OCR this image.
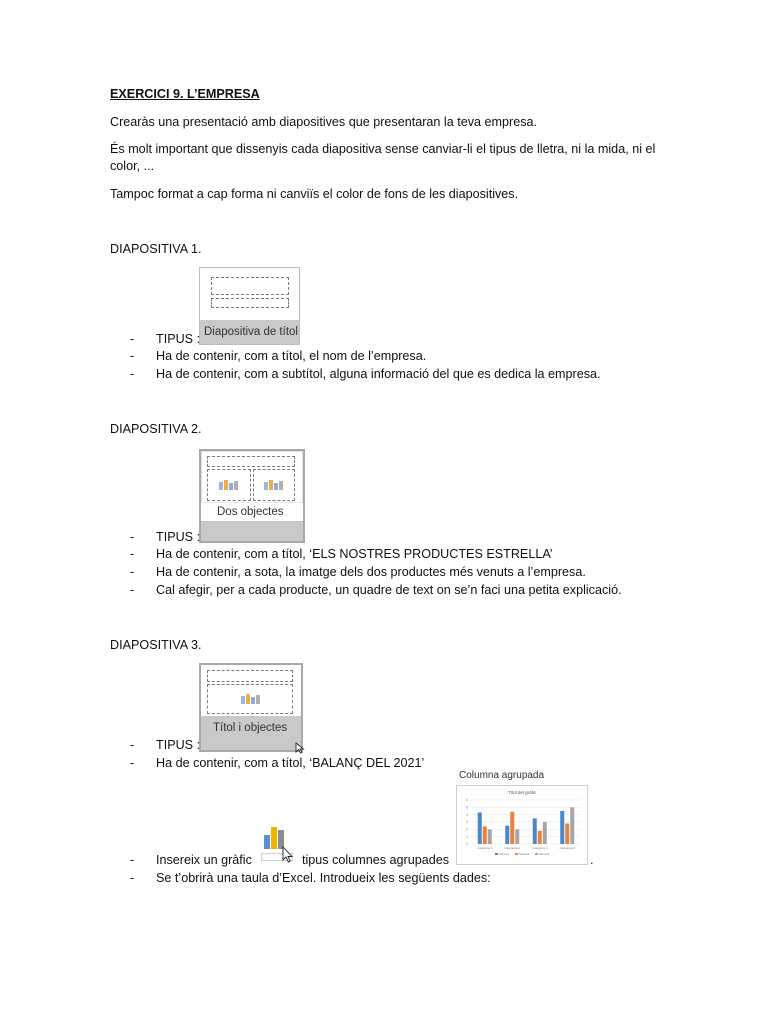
EXERCICI 9. L’EMPRESA
Crearàs una presentació amb diapositives que presentaran la teva empresa.
És molt important que dissenyis cada diapositiva sense canviar-li el tipus de lletra, ni la mida, ni el color, ...
Tampoc format a cap forma ni canviïs el color de fons de les diapositives.
DIAPOSITIVA 1.
Diapositiva de títol
- TIPUS :
- Ha de contenir, com a títol, el nom de l’empresa.
- Ha de contenir, com a subtítol, alguna informació del que es dedica la empresa.
DIAPOSITIVA 2.
Dos objectes
- TIPUS :
- Ha de contenir, com a títol, ‘ELS NOSTRES PRODUCTES ESTRELLA’
- Ha de contenir, a sota, la imatge dels dos productes més venuts a l’empresa.
- Cal afegir, per a cada producte, un quadre de text on se’n faci una petita explicació.
DIAPOSITIVA 3.
Títol i objectes
- TIPUS :
- Ha de contenir, com a títol, ‘BALANÇ DEL 2021’
Columna agrupada
Títol del gràfic
0
1
2
3
4
5
6
Categoria 1	Categoria 2	Categoria 3	Categoria 4
Sèries1	Sèries2	Sèries3
- Insereix un gràfic	tipus columnes agrupades	.
- Se t’obrirà una taula d’Excel. Introdueix les següents dades:
